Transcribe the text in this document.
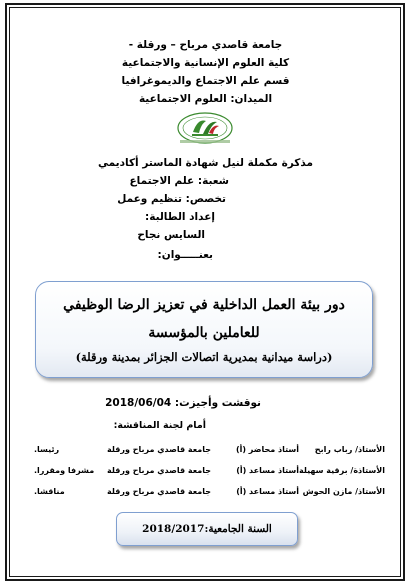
جامعة قاصدي مرباح – ورقلة -
كلية العلوم الإنسانية والاجتماعية
قسم علم الاجتماع والديموغرافيا
الميدان: العلوم الاجتماعية
مذكرة مكملة لنيل شهادة الماستر أكاديمي
شعبة: علم الاجتماع
تخصص: تنظيم وعمل
إعداد الطالبة:
السايس نجاح
بعنـــــوان:
دور بيئة العمل الداخلية في تعزيز الرضا الوظيفي
للعاملين بالمؤسسة
(دراسة ميدانية بمديرية اتصالات الجزائر بمدينة ورقلة)
نوقشت وأجيزت: 2018/06/04
أمام لجنة المناقشة:
الأستاذ/ رباب رابح
أستاذ محاضر (أ)
جامعة قاصدي مرباح ورقلة
رئيسا.
الأستاذة/ برقية سهيلة
أستاذ مساعد (أ)
جامعة قاصدي مرباح ورقلة
مشرفا ومقررا.
الأستاذ/ مازن الحوش
أستاذ مساعد (أ)
جامعة قاصدي مرباح ورقلة
مناقشا.
السنة الجامعية:2018/2017
